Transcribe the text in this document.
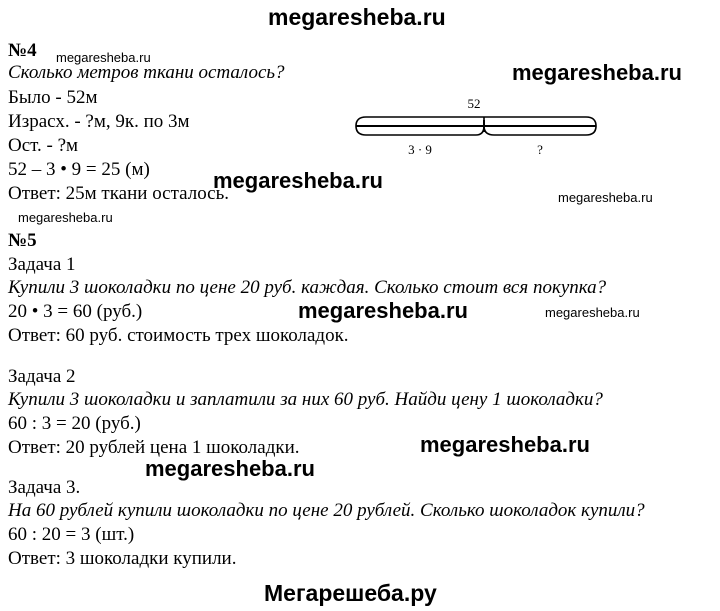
megaresheba.ru
№4 megaresheba.ru
Сколько метров ткани осталось?	megaresheba.ru
Было - 52м
Израсх. - ?м, 9к. по 3м
Ост. - ?м
52 – 3 • 9 = 25 (м)	megaresheba.ru
Ответ: 25м ткани осталось.	megaresheba.ru
52
3 · 9	?
megaresheba.ru
№5
Задача 1
Купили 3 шоколадки по цене 20 руб. каждая. Сколько стоит вся покупка?
20 • 3 = 60 (руб.)	megaresheba.ru	megaresheba.ru
Ответ: 60 руб. стоимость трех шоколадок.
Задача 2
Купили 3 шоколадки и заплатили за них 60 руб. Найди цену 1 шоколадки?
60 : 3 = 20 (руб.)
megaresheba.ru
Ответ: 20 рублей цена 1 шоколадки.
megaresheba.ru
Задача 3.
На 60 рублей купили шоколадки по цене 20 рублей. Сколько шоколадок купили?
60 : 20 = 3 (шт.)
Ответ: 3 шоколадки купили.
Мегарешеба.ру
